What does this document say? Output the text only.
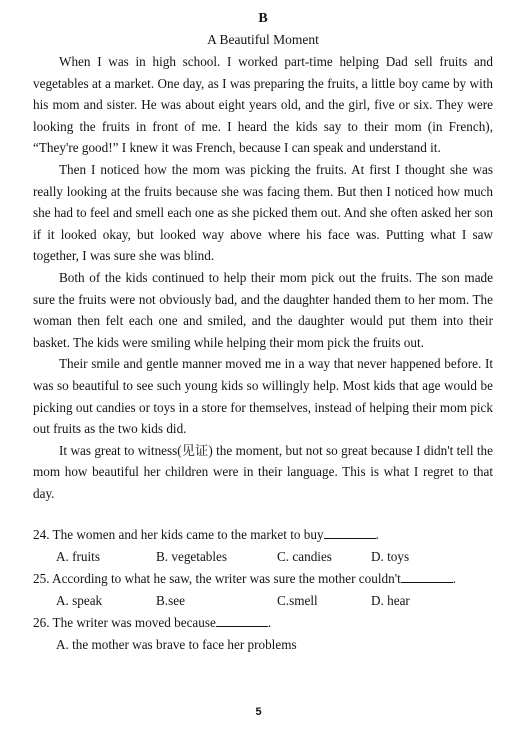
B

A Beautiful Moment

When I was in high school. I worked part-time helping Dad sell fruits and vegetables at a market. One day, as I was preparing the fruits, a little boy came by with his mom and sister. He was about eight years old, and the girl, five or six. They were looking the fruits in front of me. I heard the kids say to their mom (in French), “They're good!” I knew it was French, because I can speak and understand it.

Then I noticed how the mom was picking the fruits. At first I thought she was really looking at the fruits because she was facing them. But then I noticed how much she had to feel and smell each one as she picked them out. And she often asked her son if it looked okay, but looked way above where his face was. Putting what I saw together, I was sure she was blind.

Both of the kids continued to help their mom pick out the fruits. The son made sure the fruits were not obviously bad, and the daughter handed them to her mom. The woman then felt each one and smiled, and the daughter would put them into their basket. The kids were smiling while helping their mom pick the fruits out.

Their smile and gentle manner moved me in a way that never happened before. It was so beautiful to see such young kids so willingly help. Most kids that age would be picking out candies or toys in a store for themselves, instead of helping their mom pick out fruits as the two kids did.

It was great to witness(见证) the moment, but not so great because I didn't tell the mom how beautiful her children were in their language. This is what I regret to that day.

24. The women and her kids came to the market to buy	.

A. fruits	B. vegetables	C. candies	D. toys

25. According to what he saw, the writer was sure the mother couldn't	.

A. speak	B.see	C.smell	D. hear

26. The writer was moved because	.

A. the mother was brave to face her problems

5
